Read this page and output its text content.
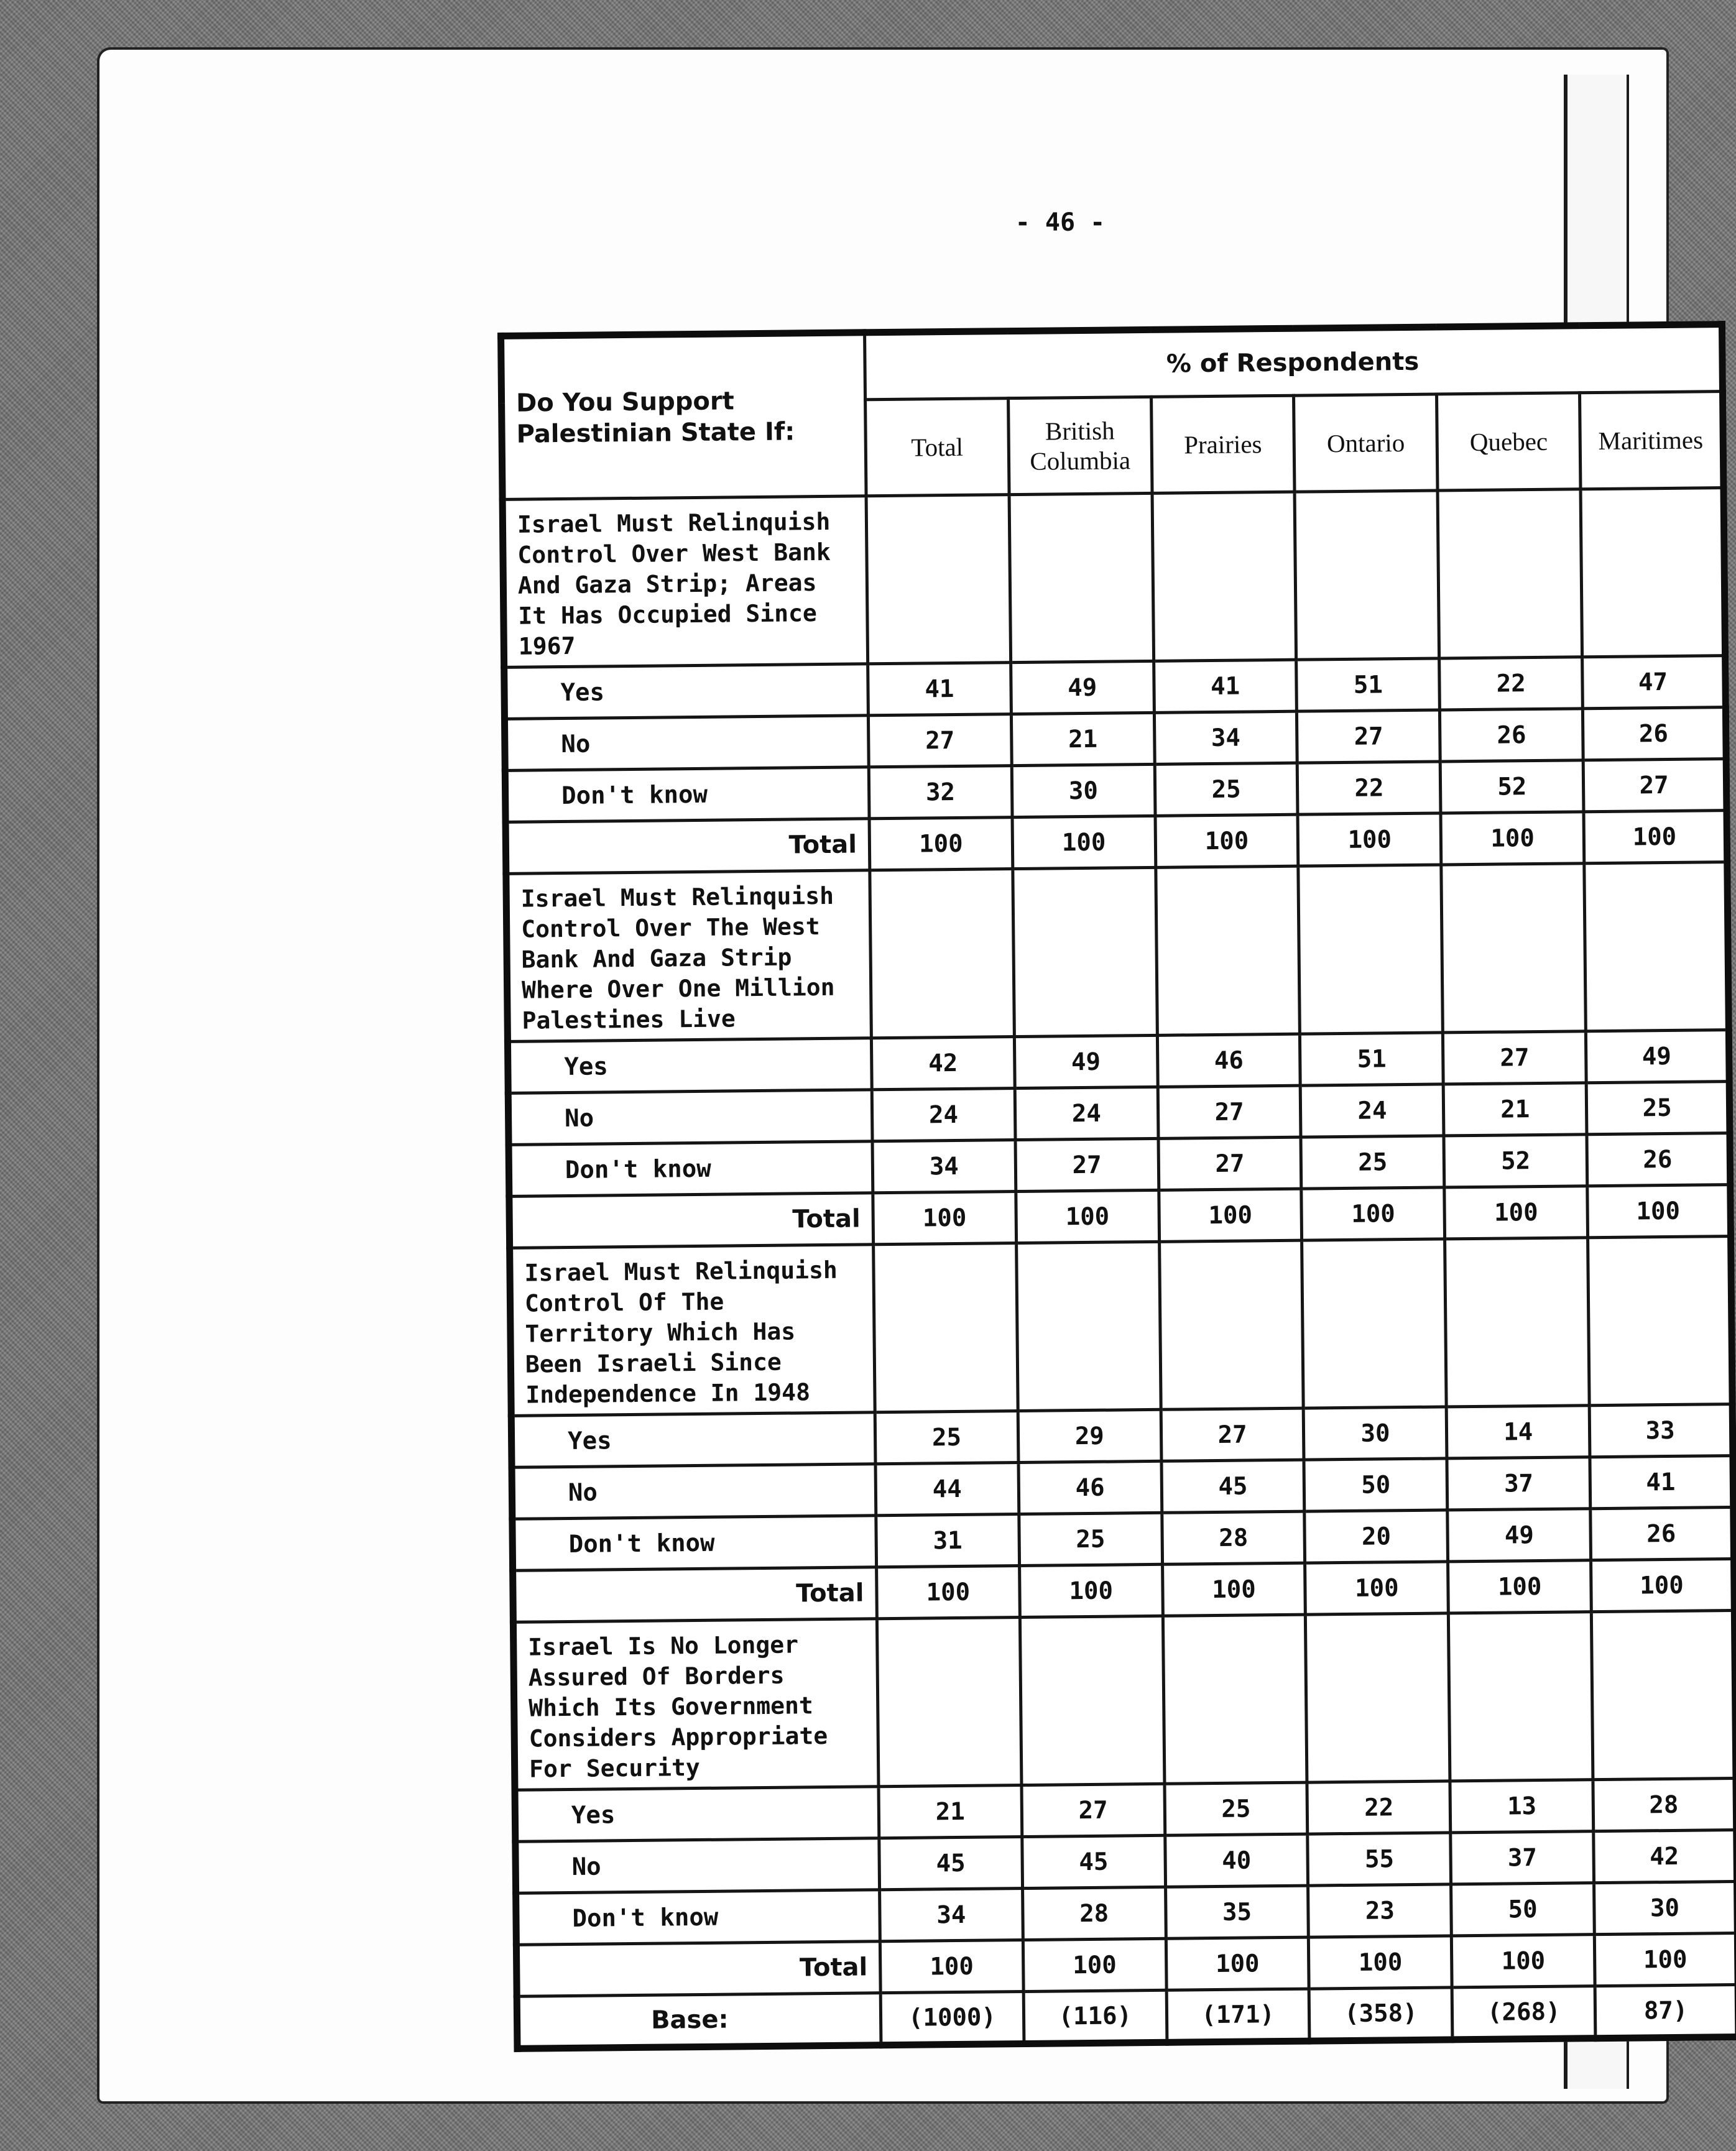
- 46 -
Do You Support Palestinian State If:	% of Respondents					
	Total	British Columbia	Prairies	Ontario	Quebec	Maritimes
Israel Must Relinquish Control Over West Bank And Gaza Strip; Areas It Has Occupied Since 1967						
Yes	41	49	41	51	22	47
No	27	21	34	27	26	26
Don't know	32	30	25	22	52	27
Total	100	100	100	100	100	100
Israel Must Relinquish Control Over The West Bank And Gaza Strip Where Over One Million Palestines Live						
Yes	42	49	46	51	27	49
No	24	24	27	24	21	25
Don't know	34	27	27	25	52	26
Total	100	100	100	100	100	100
Israel Must Relinquish Control Of The Territory Which Has Been Israeli Since Independence In 1948						
Yes	25	29	27	30	14	33
No	44	46	45	50	37	41
Don't know	31	25	28	20	49	26
Total	100	100	100	100	100	100
Israel Is No Longer Assured Of Borders Which Its Government Considers Appropriate For Security						
Yes	21	27	25	22	13	28
No	45	45	40	55	37	42
Don't know	34	28	35	23	50	30
Total	100	100	100	100	100	100
Base:	(1000)	(116)	(171)	(358)	(268)	87)
